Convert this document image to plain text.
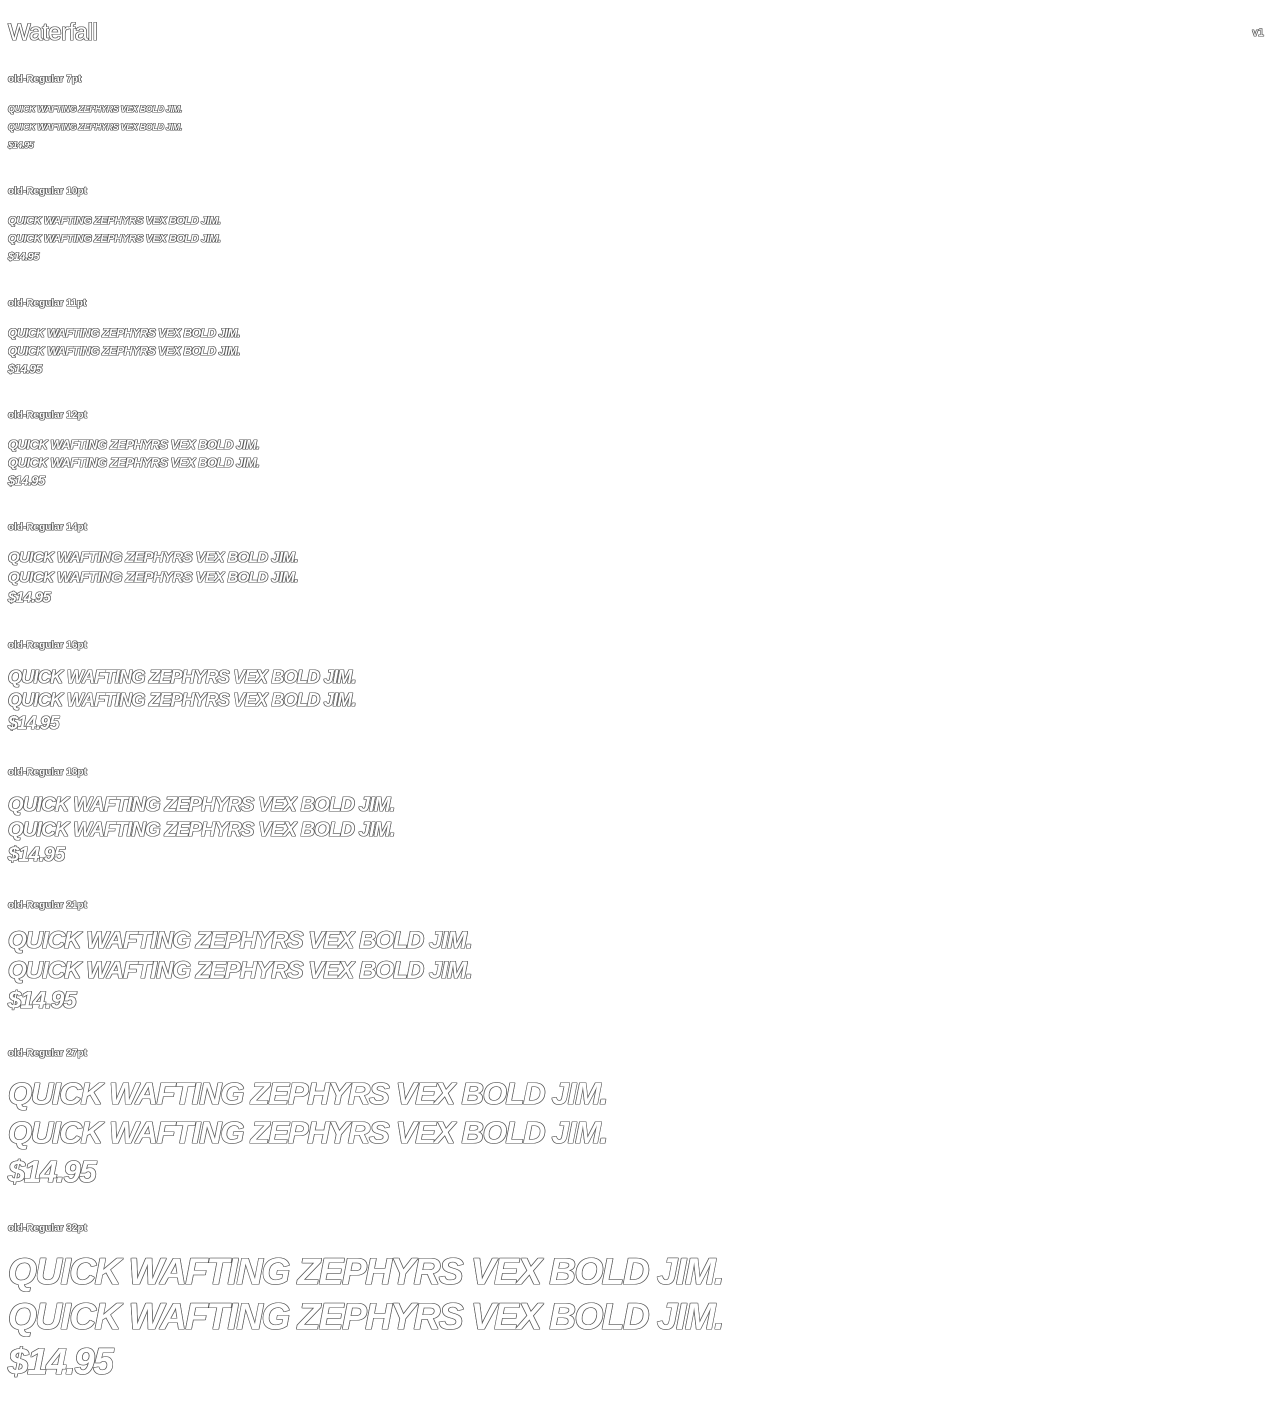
Waterfall	v1
old-Regular 7pt
QUICK WAFTING ZEPHYRS VEX BOLD JIM.
QUICK WAFTING ZEPHYRS VEX BOLD JIM.
$14.95
old-Regular 10pt
QUICK WAFTING ZEPHYRS VEX BOLD JIM.
QUICK WAFTING ZEPHYRS VEX BOLD JIM.
$14.95
old-Regular 11pt
QUICK WAFTING ZEPHYRS VEX BOLD JIM.
QUICK WAFTING ZEPHYRS VEX BOLD JIM.
$14.95
old-Regular 12pt
QUICK WAFTING ZEPHYRS VEX BOLD JIM.
QUICK WAFTING ZEPHYRS VEX BOLD JIM.
$14.95
old-Regular 14pt
QUICK WAFTING ZEPHYRS VEX BOLD JIM.
QUICK WAFTING ZEPHYRS VEX BOLD JIM.
$14.95
old-Regular 16pt
QUICK WAFTING ZEPHYRS VEX BOLD JIM.
QUICK WAFTING ZEPHYRS VEX BOLD JIM.
$14.95
old-Regular 18pt
QUICK WAFTING ZEPHYRS VEX BOLD JIM.
QUICK WAFTING ZEPHYRS VEX BOLD JIM.
$14.95
old-Regular 21pt
QUICK WAFTING ZEPHYRS VEX BOLD JIM.
QUICK WAFTING ZEPHYRS VEX BOLD JIM.
$14.95
old-Regular 27pt
QUICK WAFTING ZEPHYRS VEX BOLD JIM.
QUICK WAFTING ZEPHYRS VEX BOLD JIM.
$14.95
old-Regular 32pt
QUICK WAFTING ZEPHYRS VEX BOLD JIM.
QUICK WAFTING ZEPHYRS VEX BOLD JIM.
$14.95
